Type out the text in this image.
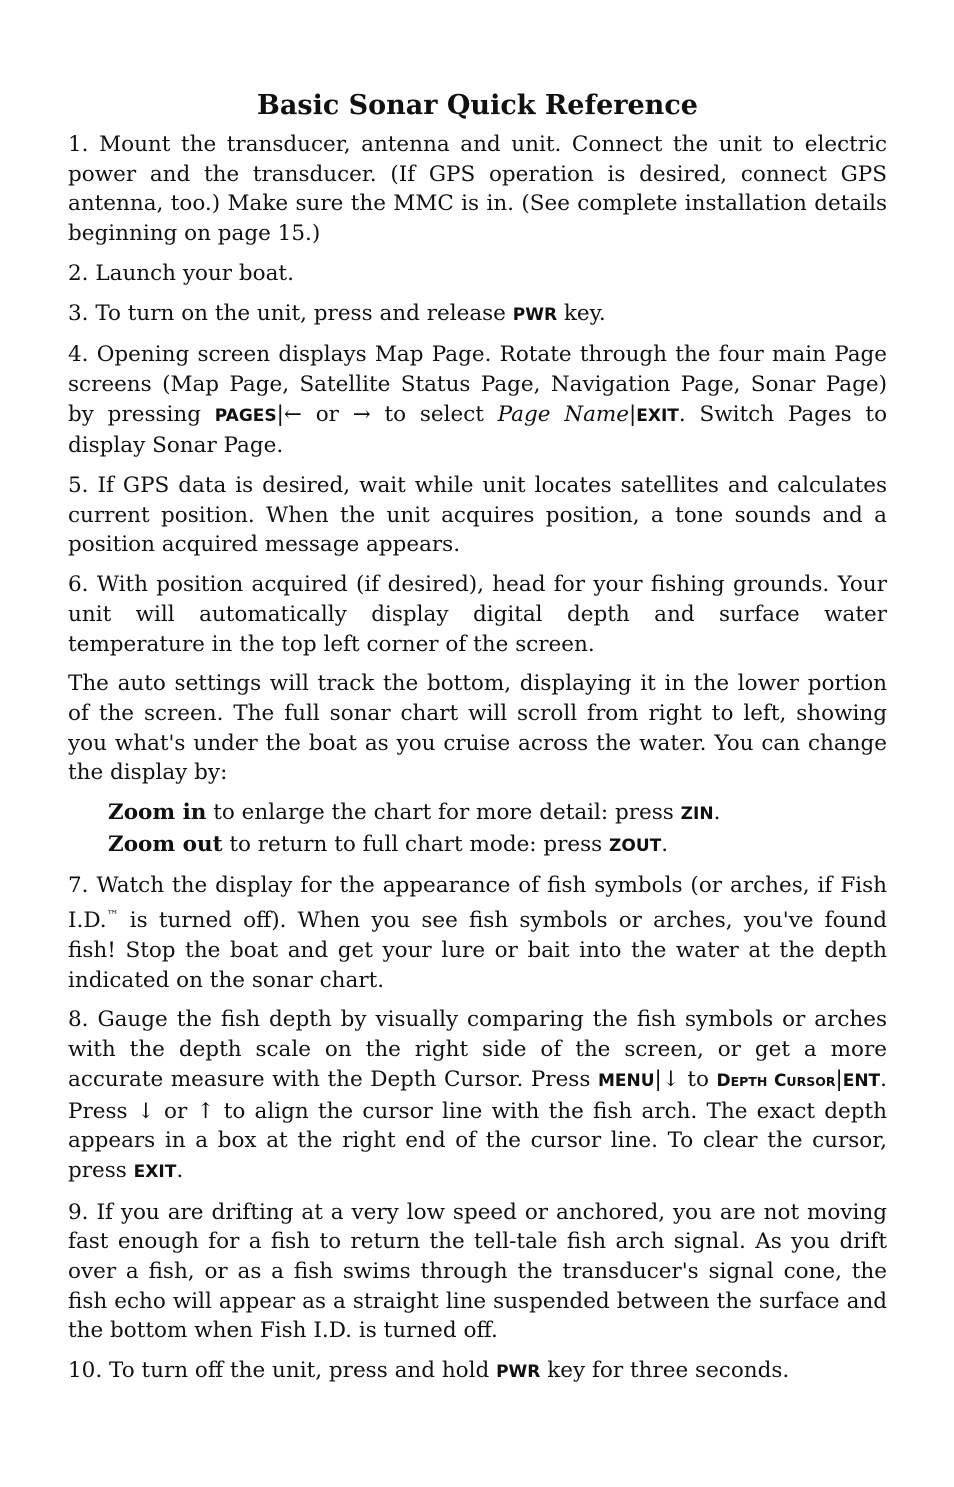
Basic Sonar Quick Reference

1. Mount the transducer, antenna and unit. Connect the unit to electric power and the transducer. (If GPS operation is desired, connect GPS antenna, too.) Make sure the MMC is in. (See complete installation details beginning on page 15.)

2. Launch your boat.

3. To turn on the unit, press and release PWR key.

4. Opening screen displays Map Page. Rotate through the four main Page screens (Map Page, Satellite Status Page, Navigation Page, Sonar Page) by pressing PAGES|← or → to select Page Name|EXIT. Switch Pages to display Sonar Page.

5. If GPS data is desired, wait while unit locates satellites and calculates current position. When the unit acquires position, a tone sounds and a position acquired message appears.

6. With position acquired (if desired), head for your fishing grounds. Your unit will automatically display digital depth and surface water temperature in the top left corner of the screen.

The auto settings will track the bottom, displaying it in the lower portion of the screen. The full sonar chart will scroll from right to left, showing you what's under the boat as you cruise across the water. You can change the display by:

Zoom in to enlarge the chart for more detail: press ZIN.

Zoom out to return to full chart mode: press ZOUT.

7. Watch the display for the appearance of fish symbols (or arches, if Fish I.D.™ is turned off). When you see fish symbols or arches, you've found fish! Stop the boat and get your lure or bait into the water at the depth indicated on the sonar chart.

8. Gauge the fish depth by visually comparing the fish symbols or arches with the depth scale on the right side of the screen, or get a more accurate measure with the Depth Cursor. Press MENU|↓ to DEPTH CURSOR|ENT. Press ↓ or ↑ to align the cursor line with the fish arch. The exact depth appears in a box at the right end of the cursor line. To clear the cursor, press EXIT.

9. If you are drifting at a very low speed or anchored, you are not moving fast enough for a fish to return the tell-tale fish arch signal. As you drift over a fish, or as a fish swims through the transducer's signal cone, the fish echo will appear as a straight line suspended between the surface and the bottom when Fish I.D. is turned off.

10. To turn off the unit, press and hold PWR key for three seconds.
